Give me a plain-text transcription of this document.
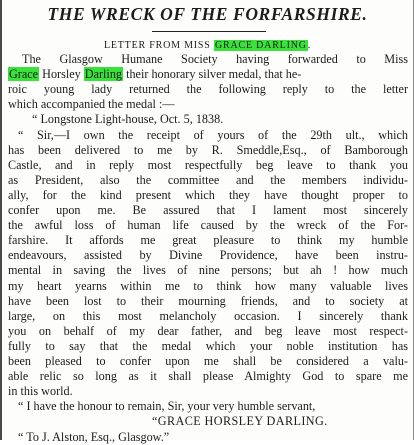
THE WRECK OF THE FORFARSHIRE.
LETTER FROM MISS GRACE DARLING.
The Glasgow Humane Society having forwarded to Miss
Grace Horsley Darling their honorary silver medal, that he-
roic young lady returned the following reply to the letter
which accompanied the medal :—
“ Longstone Light-house, Oct. 5, 1838.
“ Sir,—I own the receipt of yours of the 29th ult., which
has been delivered to me by R. Smeddle,Esq., of Bamborough
Castle, and in reply most respectfully beg leave to thank you
as President, also the committee and the members individu-
ally, for the kind present which they have thought proper to
confer upon me. Be assured that I lament most sincerely
the awful loss of human life caused by the wreck of the For-
farshire. It affords me great pleasure to think my humble
endeavours, assisted by Divine Providence, have been instru-
mental in saving the lives of nine persons; but ah ! how much
my heart yearns within me to think how many valuable lives
have been lost to their mourning friends, and to society at
large, on this most melancholy occasion. I sincerely thank
you on behalf of my dear father, and beg leave most respect-
fully to say that the medal which your noble institution has
been pleased to confer upon me shall be considered a valu-
able relic so long as it shall please Almighty God to spare me
in this world.
“ I have the honour to remain, Sir, your very humble servant,
“GRACE HORSLEY DARLING.
“ To J. Alston, Esq., Glasgow.”
